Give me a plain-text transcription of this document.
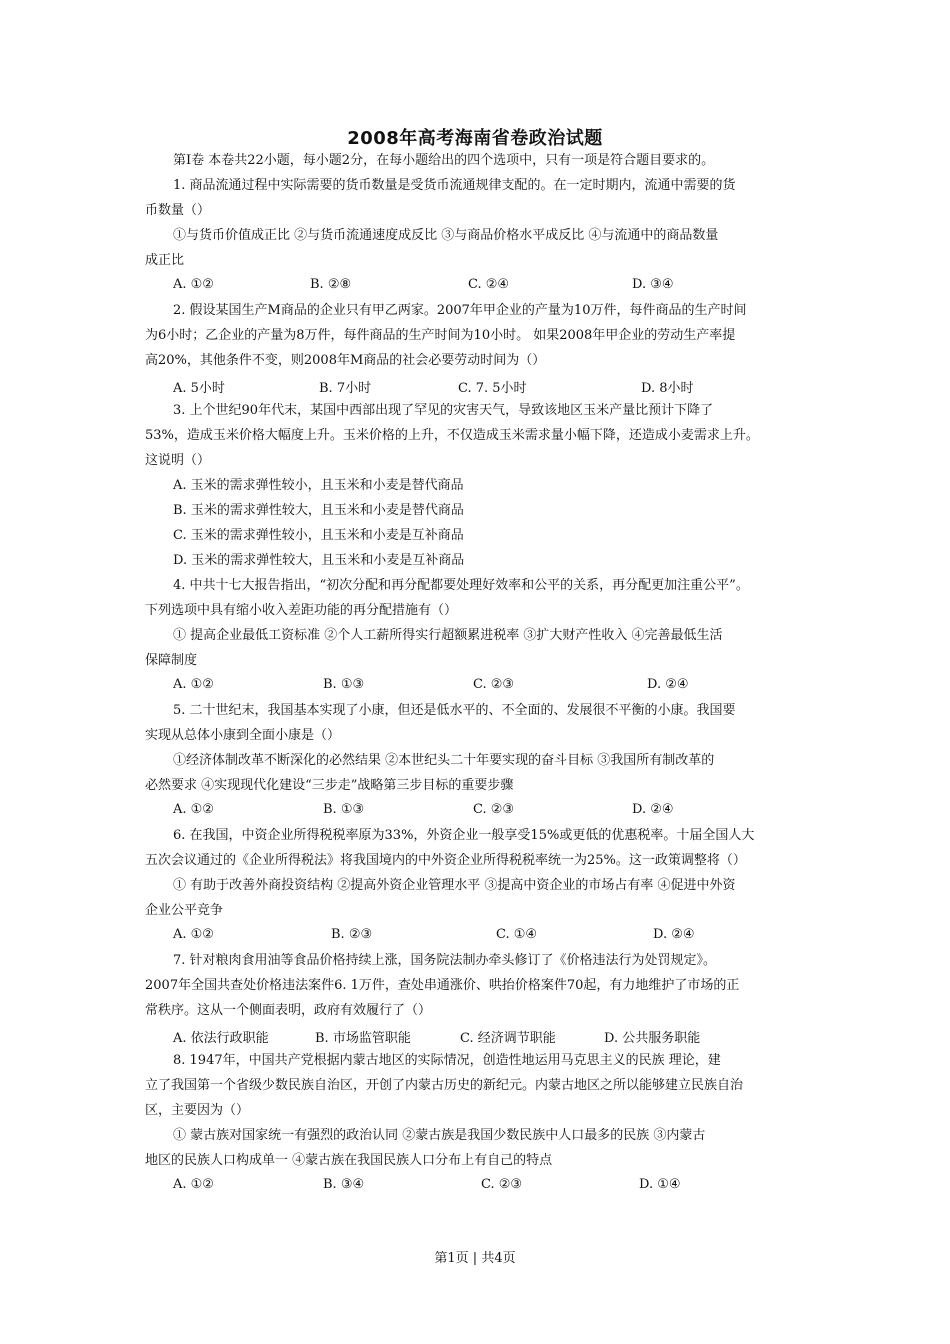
2008年高考海南省卷政治试题
第Ⅰ卷 本卷共22小题，每小题2分，在每小题给出的四个选项中，只有一项是符合题目要求的。
1. 商品流通过程中实际需要的货币数量是受货币流通规律支配的。在一定时期内，流通中需要的货
币数量（）
①与货币价值成正比 ②与货币流通速度成反比 ③与商品价格水平成反比 ④与流通中的商品数量
成正比
A. ①②	B. ②⑧	C. ②④	D. ③④
2. 假设某国生产M商品的企业只有甲乙两家。2007年甲企业的产量为10万件，每件商品的生产时间
为6小时；乙企业的产量为8万件，每件商品的生产时间为10小时。 如果2008年甲企业的劳动生产率提
高20%，其他条件不变，则2008年M商品的社会必要劳动时间为（）
A. 5小时	B. 7小时	C. 7. 5小时	D. 8小时
3. 上个世纪90年代末，某国中西部出现了罕见的灾害天气，导致该地区玉米产量比预计下降了
53%，造成玉米价格大幅度上升。玉米价格的上升，不仅造成玉米需求量小幅下降，还造成小麦需求上升。
这说明（）
A. 玉米的需求弹性较小，且玉米和小麦是替代商品
B. 玉米的需求弹性较大，且玉米和小麦是替代商品
C. 玉米的需求弹性较小，且玉米和小麦是互补商品
D. 玉米的需求弹性较大，且玉米和小麦是互补商品
4. 中共十七大报告指出，“初次分配和再分配都要处理好效率和公平的关系，再分配更加注重公平”。
下列选项中具有缩小收入差距功能的再分配措施有（）
① 提高企业最低工资标准 ②个人工薪所得实行超额累进税率 ③扩大财产性收入 ④完善最低生活
保障制度
A. ①②	B. ①③	C. ②③	D. ②④
5. 二十世纪末，我国基本实现了小康，但还是低水平的、不全面的、发展很不平衡的小康。我国要
实现从总体小康到全面小康是（）
①经济体制改革不断深化的必然结果 ②本世纪头二十年要实现的奋斗目标 ③我国所有制改革的
必然要求 ④实现现代化建设“三步走”战略第三步目标的重要步骤
A. ①②	B. ①③	C. ②③	D. ②④
6. 在我国，中资企业所得税税率原为33%，外资企业一般享受15%或更低的优惠税率。十届全国人大
五次会议通过的《企业所得税法》将我国境内的中外资企业所得税税率统一为25%。这一政策调整将（）
① 有助于改善外商投资结构 ②提高外资企业管理水平 ③提高中资企业的市场占有率 ④促进中外资
企业公平竞争
A. ①②	B. ②③	C. ①④	D. ②④
7. 针对粮肉食用油等食品价格持续上涨，国务院法制办牵头修订了《价格违法行为处罚规定》。
2007年全国共查处价格违法案件6. 1万件，查处串通涨价、哄抬价格案件70起，有力地维护了市场的正
常秩序。这从一个侧面表明，政府有效履行了（）
A. 依法行政职能	B. 市场监管职能	C. 经济调节职能	D. 公共服务职能
8. 1947年，中国共产党根据内蒙古地区的实际情况，创造性地运用马克思主义的民族 理论，建
立了我国第一个省级少数民族自治区，开创了内蒙古历史的新纪元。内蒙古地区之所以能够建立民族自治
区，主要因为（）
① 蒙古族对国家统一有强烈的政治认同 ②蒙古族是我国少数民族中人口最多的民族 ③内蒙古
地区的民族人口构成单一 ④蒙古族在我国民族人口分布上有自己的特点
A. ①②	B. ③④	C. ②③	D. ①④
第1页 | 共4页
